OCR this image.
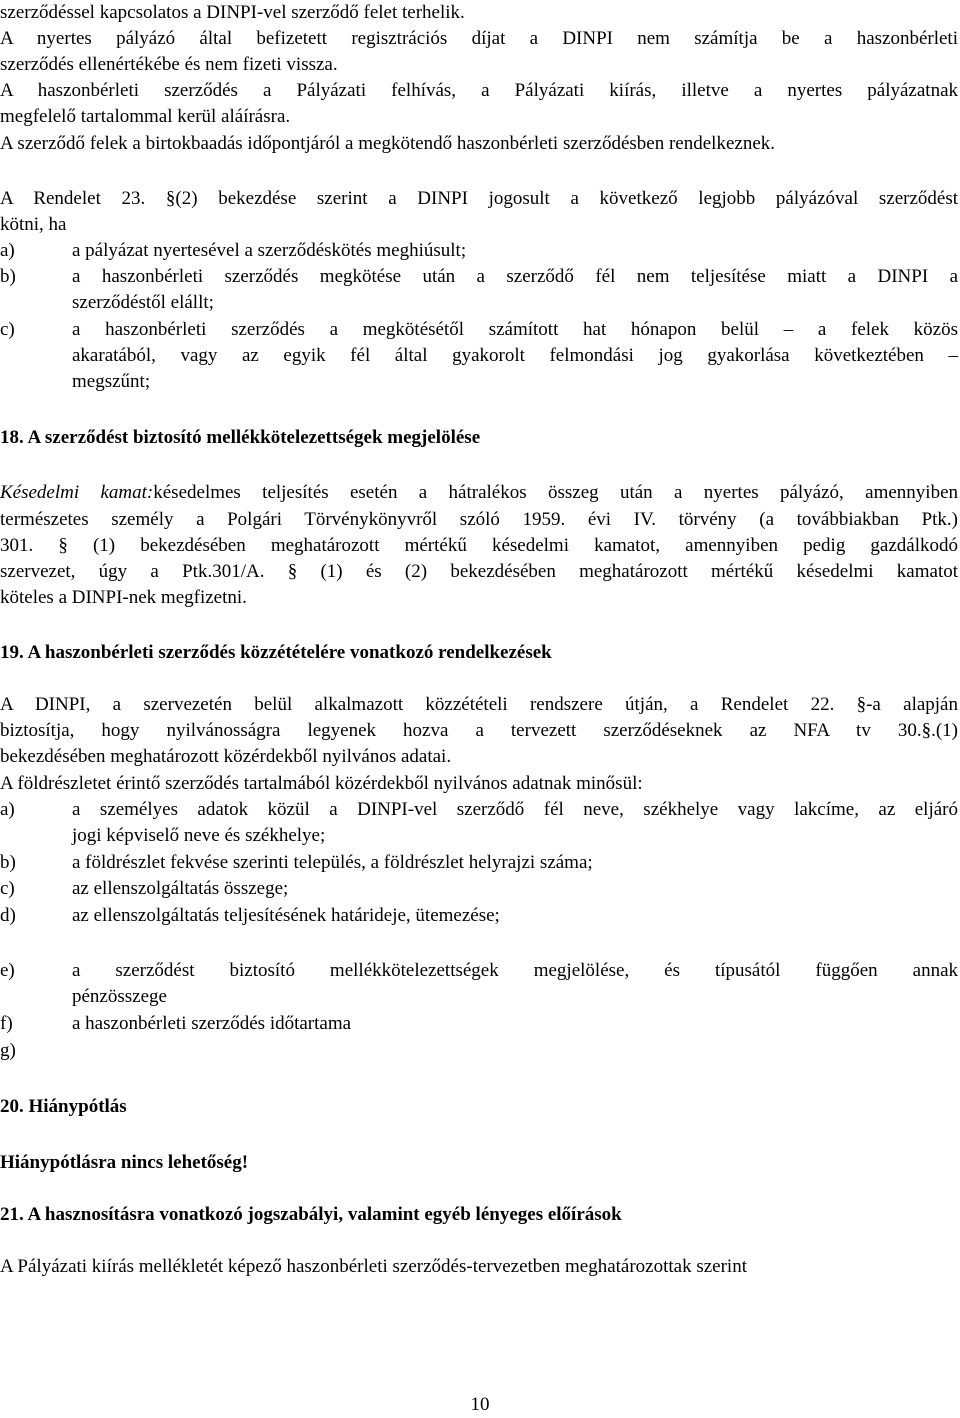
szerződéssel kapcsolatos a DINPI-vel szerződő felet terhelik.
A nyertes pályázó által befizetett regisztrációs díjat a DINPI nem számítja be a haszonbérleti
szerződés ellenértékébe és nem fizeti vissza.
A haszonbérleti szerződés a Pályázati felhívás, a Pályázati kiírás, illetve a nyertes pályázatnak
megfelelő tartalommal kerül aláírásra.
A szerződő felek a birtokbaadás időpontjáról a megkötendő haszonbérleti szerződésben rendelkeznek.
A Rendelet 23. §(2) bekezdése szerint a DINPI jogosult a következő legjobb pályázóval szerződést
kötni, ha
a)	a pályázat nyertesével a szerződéskötés meghiúsult;
b)	a haszonbérleti szerződés megkötése után a szerződő fél nem teljesítése miatt a DINPI a
szerződéstől elállt;
c)	a haszonbérleti szerződés a megkötésétől számított hat hónapon belül – a felek közös
akaratából, vagy az egyik fél által gyakorolt felmondási jog gyakorlása következtében –
megszűnt;
18. A szerződést biztosító mellékkötelezettségek megjelölése
Késedelmi kamat:késedelmes teljesítés esetén a hátralékos összeg után a nyertes pályázó, amennyiben
természetes személy a Polgári Törvénykönyvről szóló 1959. évi IV. törvény (a továbbiakban Ptk.)
301. § (1) bekezdésében meghatározott mértékű késedelmi kamatot, amennyiben pedig gazdálkodó
szervezet, úgy a Ptk.301/A. § (1) és (2) bekezdésében meghatározott mértékű késedelmi kamatot
köteles a DINPI-nek megfizetni.
19. A haszonbérleti szerződés közzétételére vonatkozó rendelkezések
A DINPI, a szervezetén belül alkalmazott közzétételi rendszere útján, a Rendelet 22. §-a alapján
biztosítja, hogy nyilvánosságra legyenek hozva a tervezett szerződéseknek az NFA tv 30.§.(1)
bekezdésében meghatározott közérdekből nyilvános adatai.
A földrészletet érintő szerződés tartalmából közérdekből nyilvános adatnak minősül:
a)	a személyes adatok közül a DINPI-vel szerződő fél neve, székhelye vagy lakcíme, az eljáró
jogi képviselő neve és székhelye;
b)	a földrészlet fekvése szerinti település, a földrészlet helyrajzi száma;
c)	az ellenszolgáltatás összege;
d)	az ellenszolgáltatás teljesítésének határideje, ütemezése;
e)	a szerződést biztosító mellékkötelezettségek megjelölése, és típusától függően annak
pénzösszege
f)	a haszonbérleti szerződés időtartama
g)
20. Hiánypótlás
Hiánypótlásra nincs lehetőség!
21. A hasznosításra vonatkozó jogszabályi, valamint egyéb lényeges előírások
A Pályázati kiírás mellékletét képező haszonbérleti szerződés-tervezetben meghatározottak szerint
10
